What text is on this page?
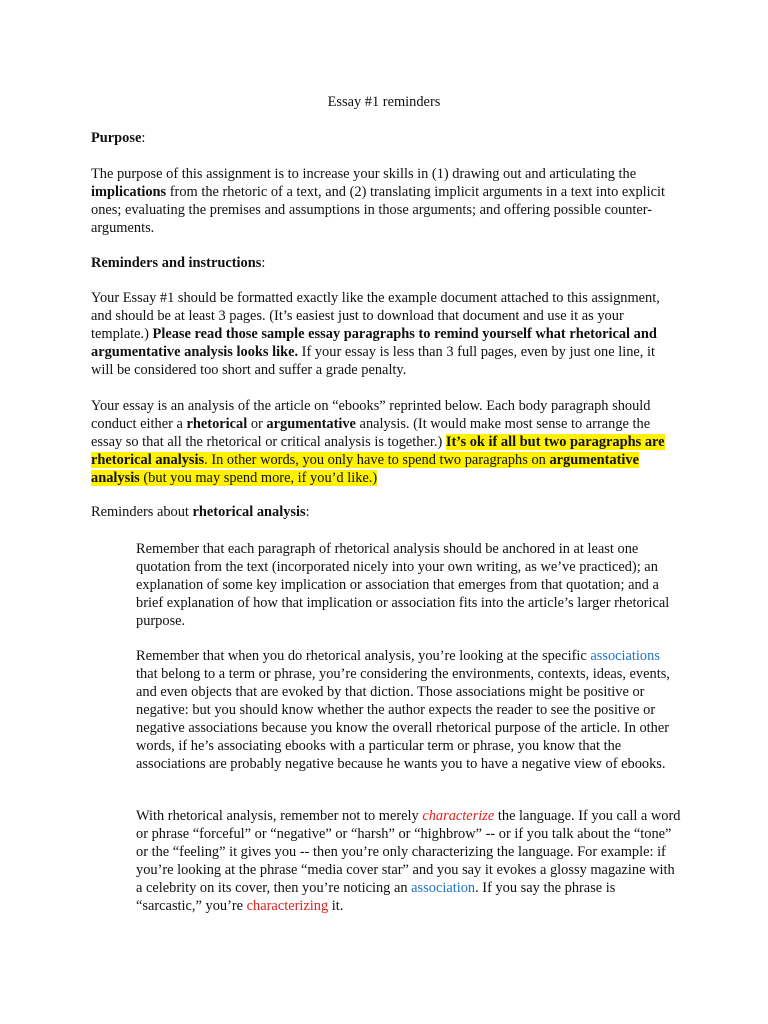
Essay #1 reminders

Purpose:

The purpose of this assignment is to increase your skills in (1) drawing out and articulating the implications from the rhetoric of a text, and (2) translating implicit arguments in a text into explicit ones; evaluating the premises and assumptions in those arguments; and offering possible counter-arguments.

Reminders and instructions:

Your Essay #1 should be formatted exactly like the example document attached to this assignment, and should be at least 3 pages. (It’s easiest just to download that document and use it as your template.) Please read those sample essay paragraphs to remind yourself what rhetorical and argumentative analysis looks like. If your essay is less than 3 full pages, even by just one line, it will be considered too short and suffer a grade penalty.

Your essay is an analysis of the article on “ebooks” reprinted below. Each body paragraph should conduct either a rhetorical or argumentative analysis. (It would make most sense to arrange the essay so that all the rhetorical or critical analysis is together.) It’s ok if all but two paragraphs are rhetorical analysis. In other words, you only have to spend two paragraphs on argumentative analysis (but you may spend more, if you’d like.)

Reminders about rhetorical analysis:

Remember that each paragraph of rhetorical analysis should be anchored in at least one quotation from the text (incorporated nicely into your own writing, as we’ve practiced); an explanation of some key implication or association that emerges from that quotation; and a brief explanation of how that implication or association fits into the article’s larger rhetorical purpose.

Remember that when you do rhetorical analysis, you’re looking at the specific associations that belong to a term or phrase, you’re considering the environments, contexts, ideas, events, and even objects that are evoked by that diction. Those associations might be positive or negative: but you should know whether the author expects the reader to see the positive or negative associations because you know the overall rhetorical purpose of the article. In other words, if he’s associating ebooks with a particular term or phrase, you know that the associations are probably negative because he wants you to have a negative view of ebooks.

With rhetorical analysis, remember not to merely characterize the language. If you call a word or phrase “forceful” or “negative” or “harsh” or “highbrow” -- or if you talk about the “tone” or the “feeling” it gives you -- then you’re only characterizing the language. For example: if you’re looking at the phrase “media cover star” and you say it evokes a glossy magazine with a celebrity on its cover, then you’re noticing an association. If you say the phrase is “sarcastic,” you’re characterizing it.
